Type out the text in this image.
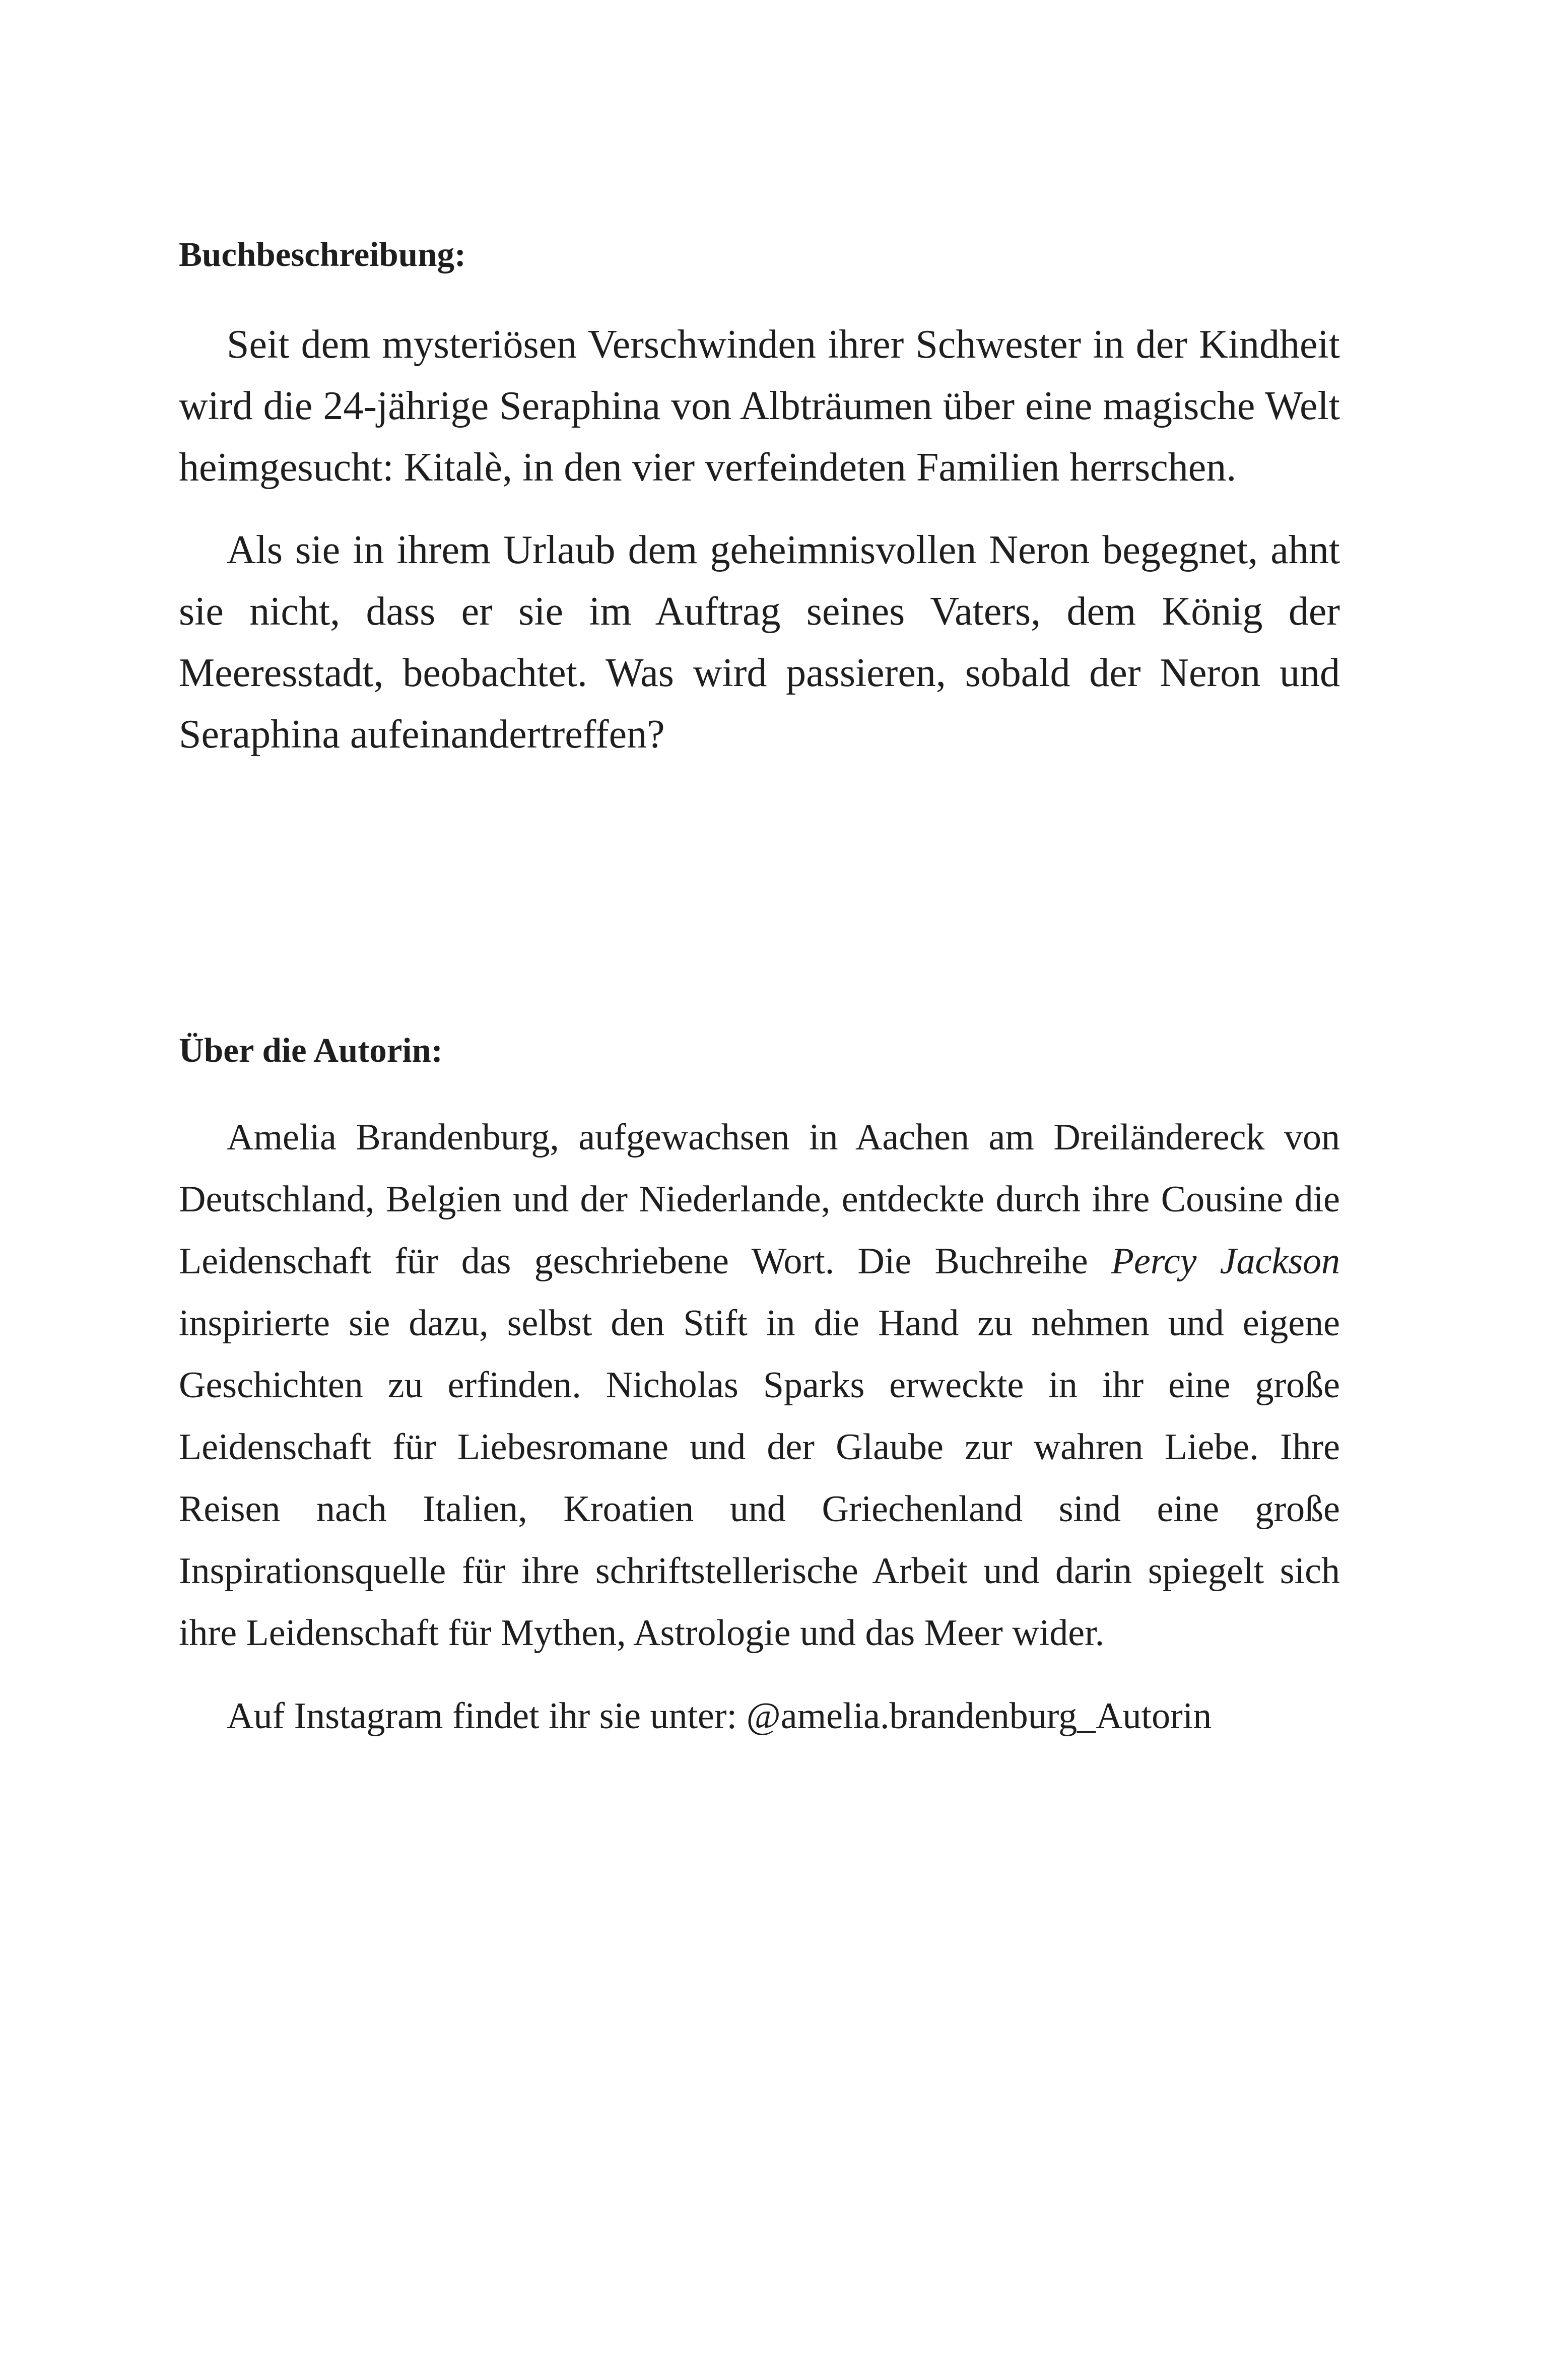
Buchbeschreibung:

Seit dem mysteriösen Verschwinden ihrer Schwester in der Kindheit wird die 24-jährige Seraphina von Albträumen über eine magische Welt heimgesucht: Kitalè, in den vier verfeindeten Familien herrschen.

Als sie in ihrem Urlaub dem geheimnisvollen Neron begegnet, ahnt sie nicht, dass er sie im Auftrag seines Vaters, dem König der Meeresstadt, beobachtet. Was wird passieren, sobald der Neron und Seraphina aufeinandertreffen?

Über die Autorin:

Amelia Brandenburg, aufgewachsen in Aachen am Dreiländereck von Deutschland, Belgien und der Niederlande, entdeckte durch ihre Cousine die Leidenschaft für das geschriebene Wort. Die Buchreihe Percy Jackson inspirierte sie dazu, selbst den Stift in die Hand zu nehmen und eigene Geschichten zu erfinden. Nicholas Sparks erweckte in ihr eine große Leidenschaft für Liebesromane und der Glaube zur wahren Liebe. Ihre Reisen nach Italien, Kroatien und Griechenland sind eine große Inspirationsquelle für ihre schriftstellerische Arbeit und darin spiegelt sich ihre Leidenschaft für Mythen, Astrologie und das Meer wider.

Auf Instagram findet ihr sie unter: @amelia.brandenburg_Autorin
